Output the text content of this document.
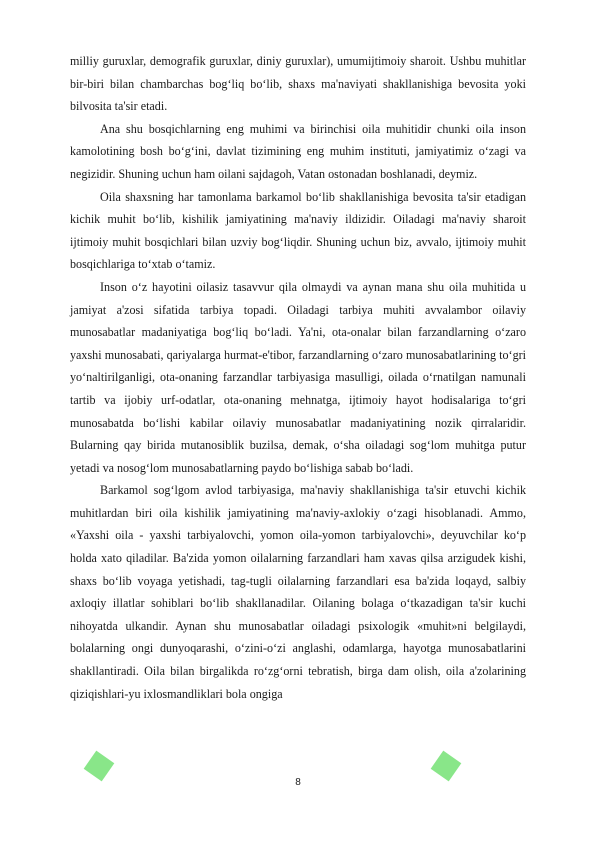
milliy guruxlar, demografik guruxlar, diniy guruxlar), umumijtimoiy sharoit. Ushbu muhitlar bir-biri bilan chambarchas bog‘liq bo‘lib, shaxs ma'naviyati shakllanishiga bevosita yoki bilvosita ta'sir etadi.

Ana shu bosqichlarning eng muhimi va birinchisi oila muhitidir chunki oila inson kamolotining bosh bo‘g‘ini, davlat tizimining eng muhim instituti, jamiyatimiz o‘zagi va negizidir. Shuning uchun ham oilani sajdagoh, Vatan ostonadan boshlanadi, deymiz.

Oila shaxsning har tamonlama barkamol bo‘lib shakllanishiga bevosita ta'sir etadigan kichik muhit bo‘lib, kishilik jamiyatining ma'naviy ildizidir. Oiladagi ma'naviy sharoit ijtimoiy muhit bosqichlari bilan uzviy bog‘liqdir. Shuning uchun biz, avvalo, ijtimoiy muhit bosqichlariga to‘xtab o‘tamiz.

Inson o‘z hayotini oilasiz tasavvur qila olmaydi va aynan mana shu oila muhitida u jamiyat a'zosi sifatida tarbiya topadi. Oiladagi tarbiya muhiti avvalambor oilaviy munosabatlar madaniyatiga bog‘liq bo‘ladi. Ya'ni, ota-onalar bilan farzandlarning o‘zaro yaxshi munosabati, qariyalarga hurmat-e'tibor, farzandlarning o‘zaro munosabatlarining to‘gri yo‘naltirilganligi, ota-onaning farzandlar tarbiyasiga masulligi, oilada o‘rnatilgan namunali tartib va ijobiy urf-odatlar, ota-onaning mehnatga, ijtimoiy hayot hodisalariga to‘gri munosabatda bo‘lishi kabilar oilaviy munosabatlar madaniyatining nozik qirralaridir. Bularning qay birida mutanosiblik buzilsa, demak, o‘sha oiladagi sog‘lom muhitga putur yetadi va nosog‘lom munosabatlarning paydo bo‘lishiga sabab bo‘ladi.

Barkamol sog‘lgom avlod tarbiyasiga, ma'naviy shakllanishiga ta'sir etuvchi kichik muhitlardan biri oila kishilik jamiyatining ma'naviy-axlokiy o‘zagi hisoblanadi. Ammo, «Yaxshi oila - yaxshi tarbiyalovchi, yomon oila-yomon tarbiyalovchi», deyuvchilar ko‘p holda xato qiladilar. Ba'zida yomon oilalarning farzandlari ham xavas qilsa arzigudek kishi, shaxs bo‘lib voyaga yetishadi, tag-tugli oilalarning farzandlari esa ba'zida loqayd, salbiy axloqiy illatlar sohiblari bo‘lib shakllanadilar. Oilaning bolaga o‘tkazadigan ta'sir kuchi nihoyatda ulkandir. Aynan shu munosabatlar oiladagi psixologik «muhit»ni belgilaydi, bolalarning ongi dunyoqarashi, o‘zini-o‘zi anglashi, odamlarga, hayotga munosabatlarini shakllantiradi. Oila bilan birgalikda ro‘zg‘orni tebratish, birga dam olish, oila a'zolarining qiziqishlari-yu ixlosmandliklari bola ongiga

8
